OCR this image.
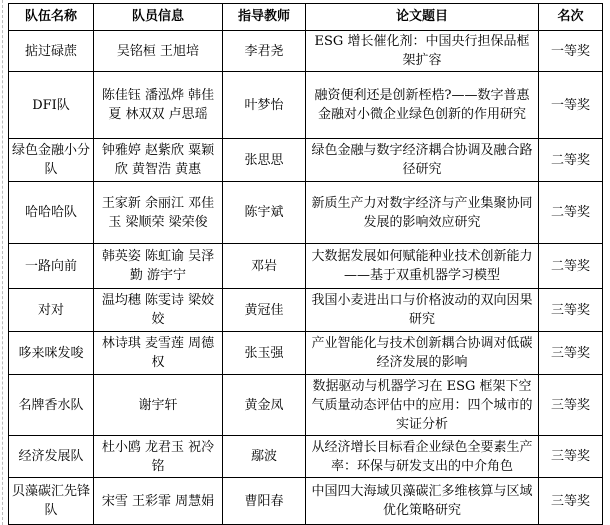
队伍名称	队员信息	指导教师	论文题目	名次
掂过碌蔗	吴铭桓 王旭培	李君尧	ESG 增长催化剂：中国央行担保品框架扩容	一等奖
DFI队	陈佳钰 潘泓烨 韩佳夏 林双双 卢思瑶	叶梦怡	融资便利还是创新桎梏?——数字普惠金融对小微企业绿色创新的作用研究	一等奖
绿色金融小分队	钟雅婷 赵紫欣 粟颖欣 黄智浩 黄惠	张思思	绿色金融与数字经济耦合协调及融合路径研究	二等奖
哈哈哈队	王家新 余丽江 邓佳玉 梁顺荣 梁荣俊	陈宇斌	新质生产力对数字经济与产业集聚协同发展的影响效应研究	二等奖
一路向前	韩英姿 陈虹谕 吴泽勤 游宇宁	邓岩	大数据发展如何赋能种业技术创新能力——基于双重机器学习模型	二等奖
对对	温均穗 陈雯诗 梁姣姣	黄冠佳	我国小麦进出口与价格波动的双向因果研究	三等奖
哆来咪发唆	林诗琪 麦雪莲 周德权	张玉强	产业智能化与技术创新耦合协调对低碳经济发展的影响	三等奖
名牌香水队	谢宇轩	黄金凤	数据驱动与机器学习在 ESG 框架下空气质量动态评估中的应用：四个城市的实证分析	三等奖
经济发展队	杜小鸥 龙君玉 祝冷铭	鄢波	从经济增长目标看企业绿色全要素生产率：环保与研发支出的中介角色	三等奖
贝藻碳汇先锋队	宋雪 王彩霏 周慧娟	曹阳春	中国四大海域贝藻碳汇多维核算与区域优化策略研究	三等奖
